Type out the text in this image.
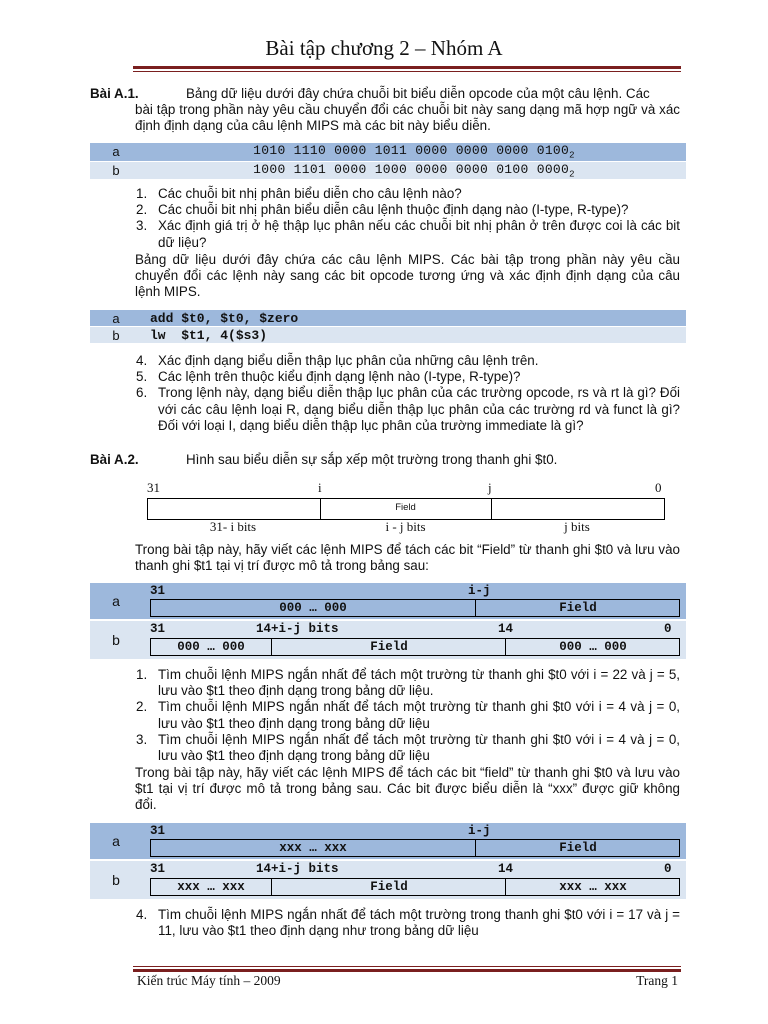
Bài tập chương 2 – Nhóm A
Bài A.1.	Bảng dữ liệu dưới đây chứa chuỗi bit biểu diễn opcode của một câu lệnh. Các
bài tập trong phần này yêu cầu chuyển đổi các chuỗi bit này sang dạng mã hợp ngữ và xác định định dạng của câu lệnh MIPS mà các bit này biểu diễn.
a	1010 1110 0000 1011 0000 0000 0000 $0100_2$
b	1000 1101 0000 1000 0000 0000 0100 $0000_2$
1. Các chuỗi bit nhị phân biểu diễn cho câu lệnh nào?
2. Các chuỗi bit nhị phân biểu diễn câu lệnh thuộc định dạng nào (I-type, R-type)?
3. Xác định giá trị ở hệ thập lục phân nếu các chuỗi bit nhị phân ở trên được coi là các bit dữ liệu?
Bảng dữ liệu dưới đây chứa các câu lệnh MIPS. Các bài tập trong phần này yêu cầu chuyển đổi các lệnh này sang các bit opcode tương ứng và xác định định dạng của câu lệnh MIPS.
a	add $t0, $t0, $zero
b	lw  $t1, 4($s3)
4. Xác định dạng biểu diễn thập lục phân của những câu lệnh trên.
5. Các lệnh trên thuộc kiểu định dạng lệnh nào (I-type, R-type)?
6. Trong lệnh này, dạng biểu diễn thập lục phân của các trường opcode, rs và rt là gì? Đối với các câu lệnh loại R, dạng biểu diễn thập lục phân của các trường rd và funct là gì? Đối với loại I, dạng biểu diễn thập lục phân của trường immediate là gì?
Bài A.2.	Hình sau biểu diễn sự sắp xếp một trường trong thanh ghi $t0.
31	i	j	0
Field
31- i bits	i - j bits	j bits
Trong bài tập này, hãy viết các lệnh MIPS để tách các bit “Field” từ thanh ghi $t0 và lưu vào thanh ghi $t1 tại vị trí được mô tả trong bảng sau:
a
31	i-j
000 … 000	Field
b
31	14+i-j bits	14	0
000 … 000	Field	000 … 000
1. Tìm chuỗi lệnh MIPS ngắn nhất để tách một trường từ thanh ghi $t0 với i = 22 và j = 5, lưu vào $t1 theo định dạng trong bảng dữ liệu.
2. Tìm chuỗi lệnh MIPS ngắn nhất để tách một trường từ thanh ghi $t0 với i = 4 và j = 0, lưu vào $t1 theo định dạng trong bảng dữ liệu
3. Tìm chuỗi lệnh MIPS ngắn nhất để tách một trường từ thanh ghi $t0 với i = 4 và j = 0, lưu vào $t1 theo định dạng trong bảng dữ liệu
Trong bài tập này, hãy viết các lệnh MIPS để tách các bit “field” từ thanh ghi $t0 và lưu vào $t1 tại vị trí được mô tả trong bảng sau. Các bit được biểu diễn là “xxx” được giữ không đổi.
a
31	i-j
xxx … xxx	Field
b
31	14+i-j bits	14	0
xxx … xxx	Field	xxx … xxx
4. Tìm chuỗi lệnh MIPS ngắn nhất để tách một trường trong thanh ghi $t0 với i = 17 và j = 11, lưu vào $t1 theo định dạng như trong bảng dữ liệu
Kiến trúc Máy tính – 2009	Trang 1
